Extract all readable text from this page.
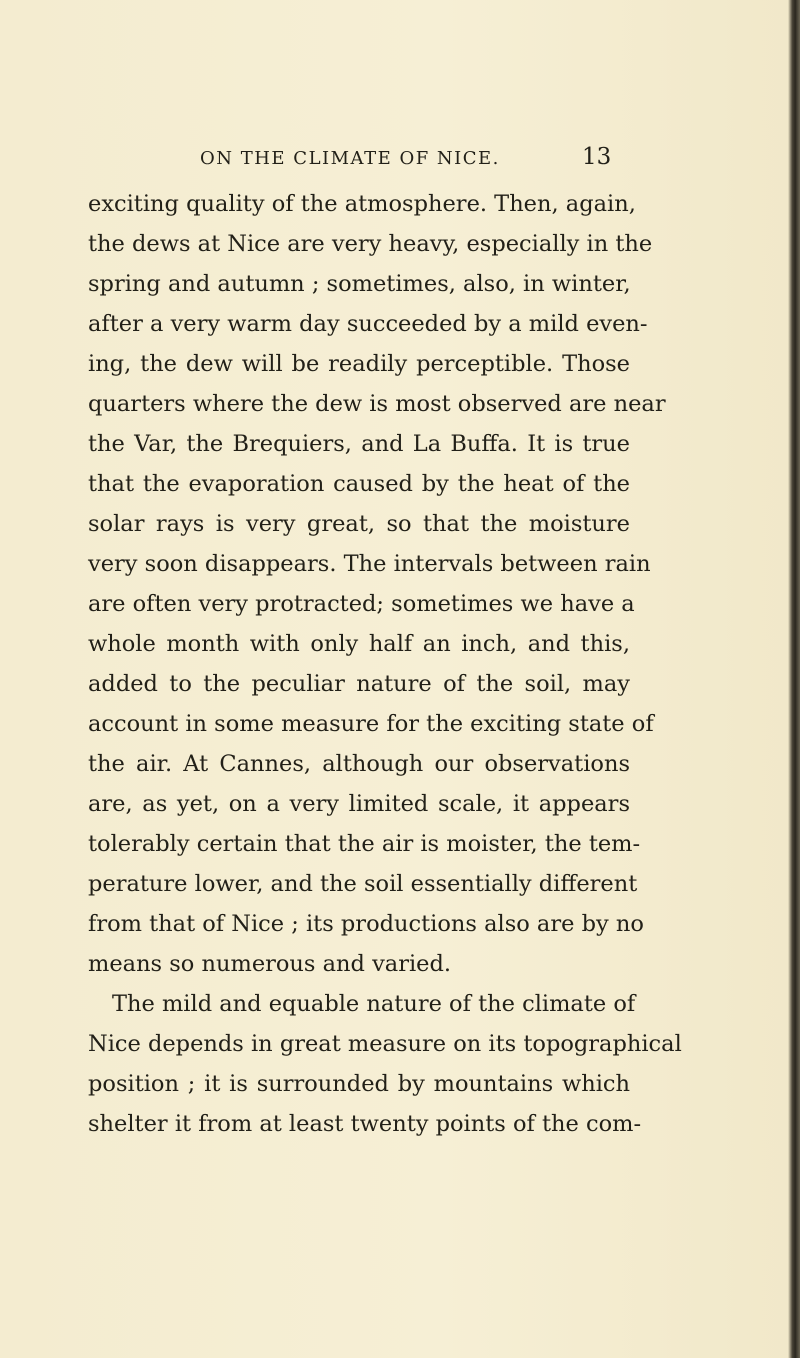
ON THE CLIMATE OF NICE.	13
exciting quality of the atmosphere. Then, again,
the dews at Nice are very heavy, especially in the
spring and autumn ; sometimes, also, in winter,
after a very warm day succeeded by a mild even-
ing, the dew will be readily perceptible. Those
quarters where the dew is most observed are near
the Var, the Brequiers, and La Buffa. It is true
that the evaporation caused by the heat of the
solar rays is very great, so that the moisture
very soon disappears. The intervals between rain
are often very protracted; sometimes we have a
whole month with only half an inch, and this,
added to the peculiar nature of the soil, may
account in some measure for the exciting state of
the air. At Cannes, although our observations
are, as yet, on a very limited scale, it appears
tolerably certain that the air is moister, the tem-
perature lower, and the soil essentially different
from that of Nice ; its productions also are by no
means so numerous and varied.
The mild and equable nature of the climate of
Nice depends in great measure on its topographical
position ; it is surrounded by mountains which
shelter it from at least twenty points of the com-
